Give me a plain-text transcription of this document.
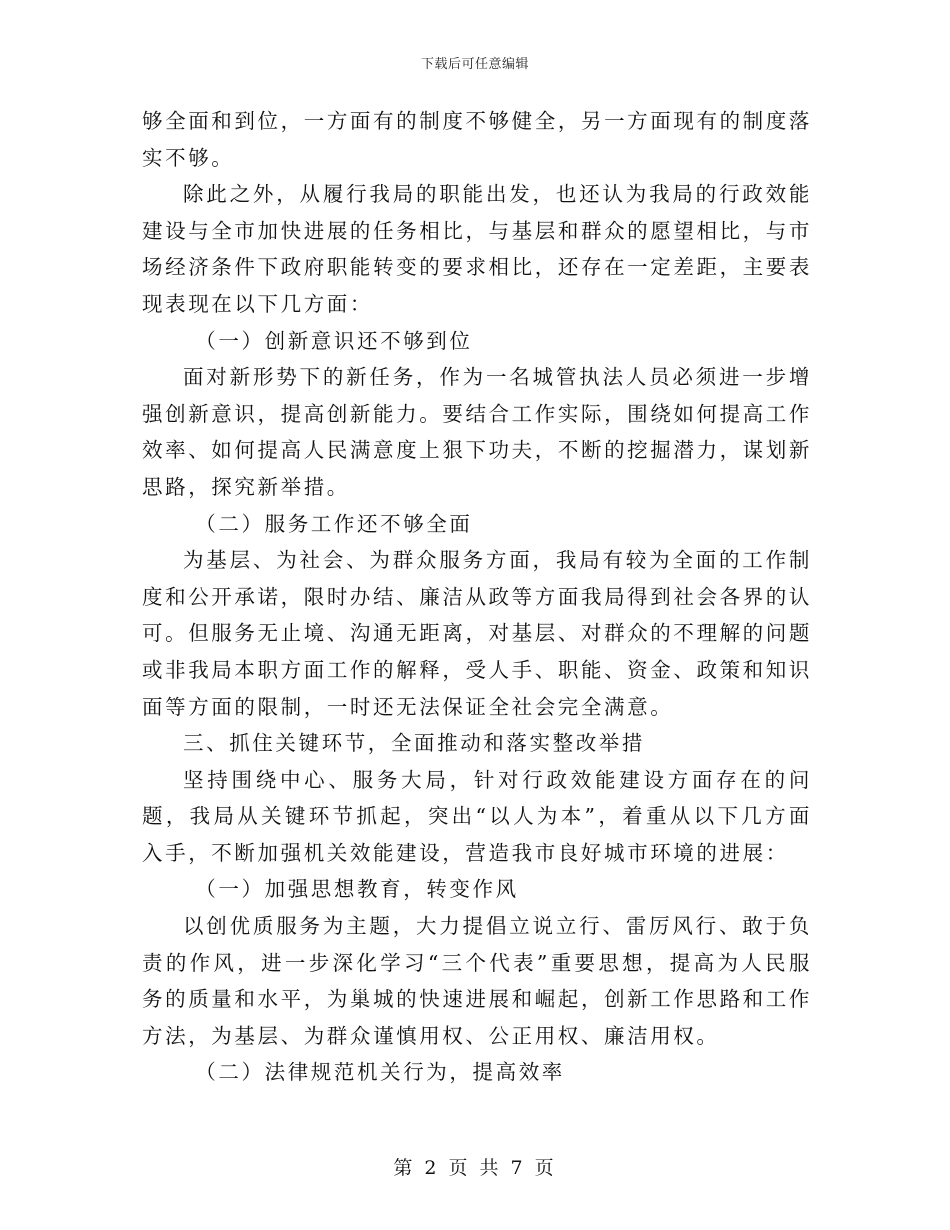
下载后可任意编辑

够全面和到位，一方面有的制度不够健全，另一方面现有的制度落实不够。

除此之外，从履行我局的职能出发，也还认为我局的行政效能建设与全市加快进展的任务相比，与基层和群众的愿望相比，与市场经济条件下政府职能转变的要求相比，还存在一定差距，主要表现表现在以下几方面：

（一）创新意识还不够到位

面对新形势下的新任务，作为一名城管执法人员必须进一步增强创新意识，提高创新能力。要结合工作实际，围绕如何提高工作效率、如何提高人民满意度上狠下功夫，不断的挖掘潜力，谋划新思路，探究新举措。

（二）服务工作还不够全面

为基层、为社会、为群众服务方面，我局有较为全面的工作制度和公开承诺，限时办结、廉洁从政等方面我局得到社会各界的认可。但服务无止境、沟通无距离，对基层、对群众的不理解的问题或非我局本职方面工作的解释，受人手、职能、资金、政策和知识面等方面的限制，一时还无法保证全社会完全满意。

三、抓住关键环节，全面推动和落实整改举措

坚持围绕中心、服务大局，针对行政效能建设方面存在的问题，我局从关键环节抓起，突出“以人为本”，着重从以下几方面入手，不断加强机关效能建设，营造我市良好城市环境的进展：

（一）加强思想教育，转变作风

以创优质服务为主题，大力提倡立说立行、雷厉风行、敢于负责的作风，进一步深化学习“三个代表”重要思想，提高为人民服务的质量和水平，为巢城的快速进展和崛起，创新工作思路和工作方法，为基层、为群众谨慎用权、公正用权、廉洁用权。

（二）法律规范机关行为，提高效率

第 2 页 共 7 页
